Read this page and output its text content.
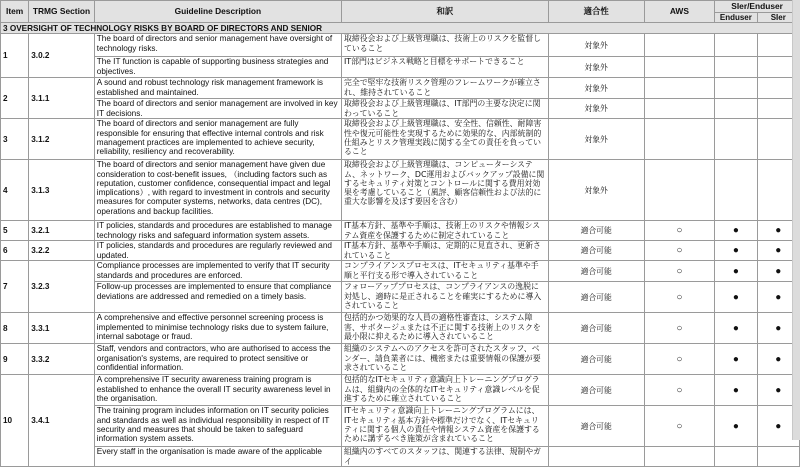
Item	TRMG Section	Guideline Description	和訳	適合性	AWS	SIer/Enduser	
						Enduser	SIer
3 OVERSIGHT OF TECHNOLOGY RISKS BY BOARD OF DIRECTORS AND SENIOR							
1	3.0.2	The board of directors and senior management have oversight of technology risks.	取締役会および上級管理職は、技術上のリスクを監督していること	対象外			
		The IT function is capable of supporting business strategies and objectives.	IT部門はビジネス戦略と目標をサポートできること	対象外			
2	3.1.1	A sound and robust technology risk management framework is established and maintained.	完全で堅牢な技術リスク管理のフレームワークが確立され、維持されていること	対象外			
		The board of directors and senior management are involved in key IT decisions.	取締役会および上級管理職は、IT部門の主要な決定に関わっていること	対象外			
3	3.1.2	The board of directors and senior management are fully responsible for ensuring that effective internal controls and risk management practices are implemented to achieve security, reliability, resiliency and recoverability.	取締役会および上級管理職は、安全性、信頼性、耐障害性や復元可能性を実現するために効果的な、内部統制的仕組みとリスク管理実践に関する全ての責任を負っていること	対象外			
4	3.1.3	The board of directors and senior management have given due consideration to cost-benefit issues, （including factors such as reputation, customer confidence, consequential impact and legal implications）, with regard to investment in controls and security measures for computer systems, networks, data centres (DC), operations and backup facilities.	取締役会および上級管理職は、コンピューターシステム、ネットワーク、DC運用およびバックアップ設備に関するセキュリティ対策とコントロールに関する費用対効果を考慮していること（風評、顧客信頼性および法的に重大な影響を及ぼす要因を含む）	対象外			
5	3.2.1	IT policies, standards and procedures are established to manage technology risks and safeguard information system assets.	IT基本方針、基準や手順は、技術上のリスクや情報システム資産を保護するために制定されていること	適合可能	○	●	●
6	3.2.2	IT policies, standards and procedures are regularly reviewed and updated.	IT基本方針、基準や手順は、定期的に見直され、更新されていること	適合可能	○	●	●
7	3.2.3	Compliance processes are implemented to verify that IT security standards and procedures are enforced.	コンプライアンスプロセスは、ITセキュリティ基準や手順と平行支る形で導入されていること	適合可能	○	●	●
		Follow-up processes are implemented to ensure that compliance deviations are addressed and remedied on a timely basis.	フォローアッププロセスは、コンプライアンスの逸脱に対処し、適時に是正されることを確実にするために導入されていること	適合可能	○	●	●
8	3.3.1	A comprehensive and effective personnel screening process is implemented to minimise technology risks due to system failure, internal sabotage or fraud.	包括的かつ効果的な人員の適格性審査は、システム障害、サボタージュまたは不正に関する技術上のリスクを最小限に抑えるために導入されていること	適合可能	○	●	●
9	3.3.2	Staff, vendors and contractors, who are authorised to access the organisation's systems, are required to protect sensitive or confidential information.	組織のシステムへのアクセスを許可されたスタッフ、ベンダー、請負業者には、機密または重要情報の保護が要求されていること	適合可能	○	●	●
10	3.4.1	A comprehensive IT security awareness training program is established to enhance the overall IT security awareness level in the organisation.	包括的なITセキュリティ意識向上トレーニングプログラムは、組織内の全体的なITセキュリティ意識レベルを促進するために確立されていること	適合可能	○	●	●
		The training program includes information on IT security policies and standards as well as individual responsibility in respect of IT security and measures that should be taken to safeguard information system assets.	ITセキュリティ意識向上トレーニングプログラムには、ITセキュリティ基本方針や標準だけでなく、ITセキュリティに関する個人の責任や情報システム資産を保護するために講ずるべき施策が含まれていること	適合可能	○	●	●
		Every staff in the organisation is made aware of the applicable	組織内のすべてのスタッフは、関連する法律、規制やガイ				
